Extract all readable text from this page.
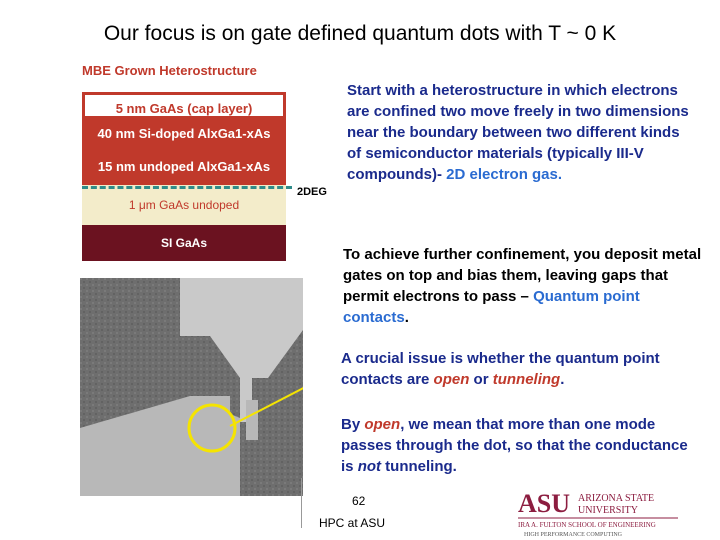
Our focus is on gate defined quantum dots with T ~ 0 K
MBE Grown Heterostructure
5 nm GaAs (cap layer)
40 nm Si-doped AlxGa1-xAs
15 nm undoped AlxGa1-xAs
1 μm GaAs undoped
SI GaAs
2DEG
Start with a heterostructure in which electrons are confined two move freely in two dimensions near the boundary between two different kinds of semiconductor materials (typically III-V compounds)- 2D electron gas.
To achieve further confinement, you deposit metal gates on top and bias them, leaving gaps that permit electrons to pass – Quantum point contacts.
A crucial issue is whether the quantum point contacts are open or tunneling.
By open, we mean that more than one mode passes through the dot, so that the conductance is not tunneling.
62
HPC at ASU
ASU ARIZONA STATE
UNIVERSITY
IRA A. FULTON SCHOOL OF ENGINEERING
HIGH PERFORMANCE COMPUTING
